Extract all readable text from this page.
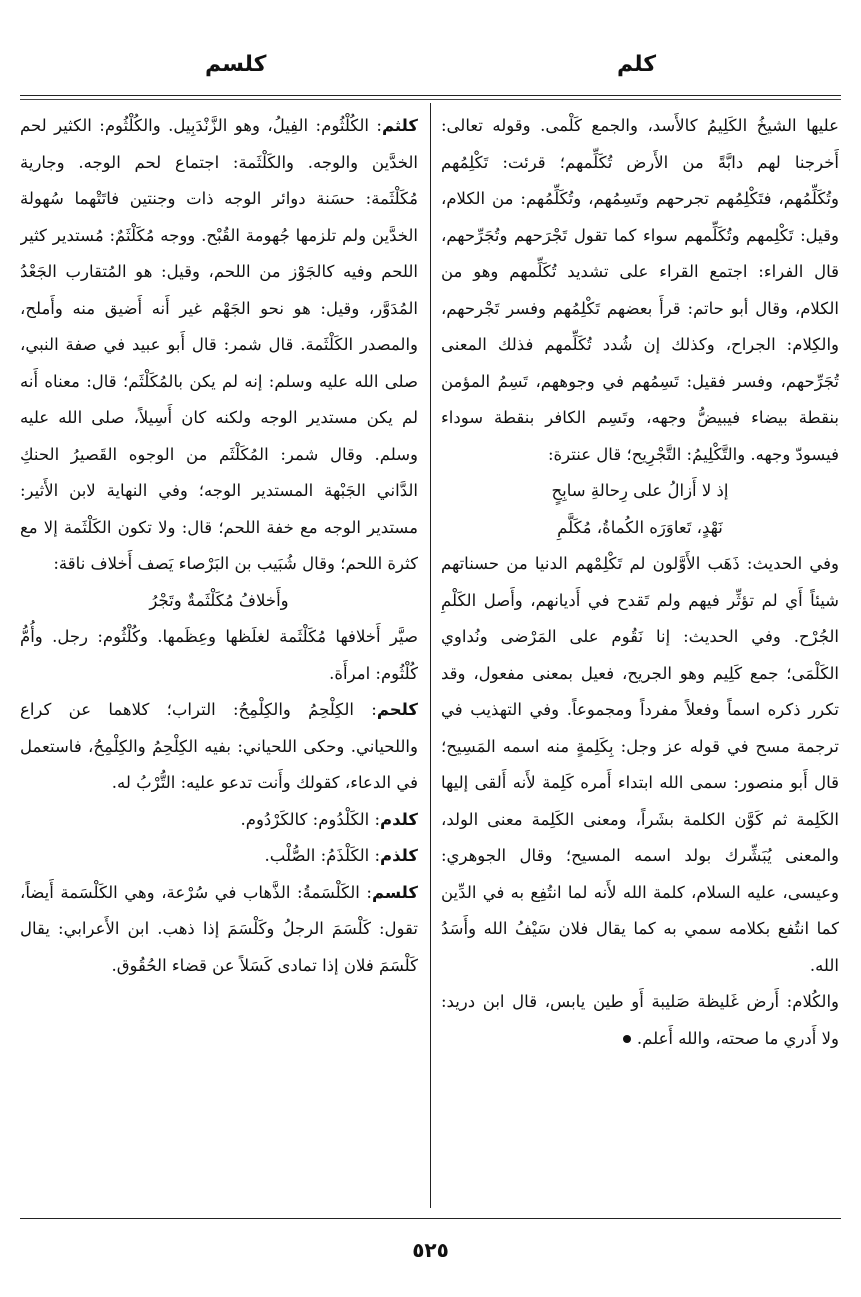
كلم
كلسم

عليها الشيخُ الكَلِيمُ كالأَسد، والجمع كَلْمى. وقوله تعالى: أَخرجنا لهم دابَّةً من الأَرض تُكَلِّمهم؛ قرئت: تَكْلِمُهم وتُكَلِّمُهم، فتَكْلِمُهم تجرحهم وتَسِمُهم، وتُكَلِّمُهم: من الكلام، وقيل: تَكْلِمهم وتُكَلِّمهم سواء كما تقول تَجْرَحهم وتُجَرِّحهم، قال الفراء: اجتمع القراء على تشديد تُكَلِّمهم وهو من الكلام، وقال أبو حاتم: قرأَ بعضهم تَكْلِمُهم وفسر تَجْرحهم، والكِلام: الجراح، وكذلك إن شُدد تُكَلِّمهم فذلك المعنى تُجَرِّحهم، وفسر فقيل: تَسِمُهم في وجوههم، تَسِمُ المؤمن بنقطة بيضاء فيبيضُّ وجهه، وتَسِم الكافر بنقطة سوداء فيسودّ وجهه. والتَّكْلِيمُ: التَّجْرِيح؛ قال عنترة:

إذ لا أَزالُ على رِحالةِ سابِحٍ

نَهْدٍ، تَعاوَرَه الكُماةُ، مُكَلَّمِ

وفي الحديث: ذَهَب الأَوَّلون لم تَكْلِمْهم الدنيا من حسناتهم شيئاً أَي لم تؤثِّر فيهم ولم تَقدح في أَديانهم، وأَصل الكَلْمِ الجُرْح. وفي الحديث: إنا نَقُوم على المَرْضى ونُداوي الكَلْمَى؛ جمع كَلِيم وهو الجريح، فعيل بمعنى مفعول، وقد تكرر ذكره اسماً وفعلاً مفرداً ومجموعاً. وفي التهذيب في ترجمة مسح في قوله عز وجل: بِكَلِمةٍ منه اسمه المَسِيح؛ قال أَبو منصور: سمى الله ابتداء أَمره كَلِمة لأَنه أَلقى إليها الكَلِمة ثم كَوَّن الكلمة بشَراً، ومعنى الكَلِمة معنى الولد، والمعنى يُبَشِّرك بولد اسمه المسيح؛ وقال الجوهري: وعيسى، عليه السلام، كلمة الله لأَنه لما انتُفِع به في الدِّين كما انتُفع بكلامه سمي به كما يقال فلان سَيْفُ الله وأَسَدُ الله.

والكُلام: أَرض غَليظة صَليبة أَو طين يابس، قال ابن دريد: ولا أَدري ما صحته، والله أَعلم.

كلثم: الكُلْثُوم: الفِيلُ، وهو الزَّنْدَبِيل. والكُلْثُوم: الكثير لحم الخدَّين والوجه. والكَلْثَمة: اجتماع لحم الوجه. وجارية مُكَلْثَمة: حسَنة دوائر الوجه ذات وجنتين فاتَتْهما سُهولة الخدَّين ولم تلزمها جُهومة القُبْح. ووجه مُكَلْثَمٌ: مُستدير كثير اللحم وفيه كالجَوْز من اللحم، وقيل: هو المُتقارب الجَعْدُ المُدَوَّر، وقيل: هو نحو الجَهْم غير أَنه أَضيق منه وأَملح، والمصدر الكَلْثَمة. قال شمر: قال أَبو عبيد في صفة النبي، صلى الله عليه وسلم: إنه لم يكن بالمُكَلْثَم؛ قال: معناه أَنه لم يكن مستدير الوجه ولكنه كان أَسِيلاً، صلى الله عليه وسلم. وقال شمر: المُكَلْثَم من الوجوه القَصيرُ الحنكِ الدَّاني الجَبْهة المستدير الوجه؛ وفي النهاية لابن الأَثير: مستدير الوجه مع خفة اللحم؛ قال: ولا تكون الكَلْثَمة إلا مع كثرة اللحم؛ وقال شُبَيب بن البَرْصاء يَصف أَخلاف ناقة:

وأَخلافُ مُكَلْثَمةٌ وتَجْرُ

صيَّر أَخلافها مُكَلْثَمة لغلَظها وعِظَمها. وكُلْثُوم: رجل. وأُمُّ كُلْثُوم: امرأَة.

كلحم: الكِلْحِمُ والكِلْمِحُ: التراب؛ كلاهما عن كراع واللحياني. وحكى اللحياني: بفيه الكِلْحِمُ والكِلْمِحُ، فاستعمل في الدعاء، كقولك وأَنت تدعو عليه: التُّرْبُ له.

كلدم: الكَلْدُوم: كالكَرْدُوم.

كلذم: الكَلْذَمُ: الصُّلْب.

كلسم: الكَلْسَمةُ: الذَّهاب في سُرْعة، وهي الكَلْسَمة أَيضاً، تقول: كَلْسَمَ الرجلُ وكَلْسَمَ إذا ذهب. ابن الأَعرابي: يقال كَلْسَمَ فلان إذا تمادى كَسَلاً عن قضاء الحُقُوق.

٥٢٥
